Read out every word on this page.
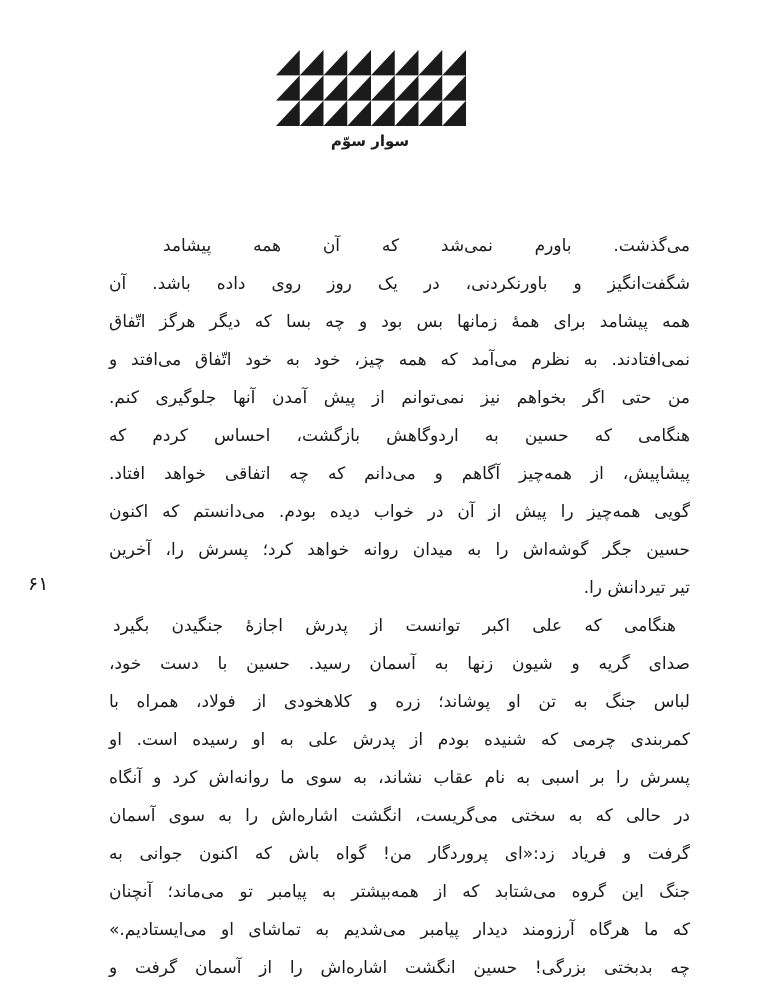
سوار سوّم
۶۱
می‌گذشت. باورم نمی‌شد که آن همه پیشامد
شگفت‌انگیز و باورنکردنی، در یک روز روی داده باشد. آن
همه پیشامد برای همهٔ زمانها بس بود و چه بسا که دیگر هرگز اتّفاق
نمی‌افتادند. به نظرم می‌آمد که همه چیز، خود به خود اتّفاق می‌افتد و
من حتی اگر بخواهم نیز نمی‌توانم از پیش آمدن آنها جلوگیری کنم.
هنگامی که حسین به اردوگاهش بازگشت، احساس کردم که
پیشاپیش، از همه‌چیز آگاهم و می‌دانم که چه اتفاقی خواهد افتاد.
گویی همه‌چیز را پیش از آن در خواب دیده بودم. می‌دانستم که اکنون
حسین جگر گوشه‌اش را به میدان روانه خواهد کرد؛ پسرش را، آخرین
تیر تیردانش را.
هنگامی که علی اکبر توانست از پدرش اجازهٔ جنگیدن بگیرد
صدای گریه و شیون زنها به آسمان رسید. حسین با دست خود،
لباس جنگ به تن او پوشاند؛ زره و کلاهخودی از فولاد، همراه با
کمربندی چرمی که شنیده بودم از پدرش علی به او رسیده است. او
پسرش را بر اسبی به نام عقاب نشاند، به سوی ما روانه‌اش کرد و آنگاه
در حالی که به سختی می‌گریست، انگشت اشاره‌اش را به سوی آسمان
گرفت و فریاد زد:«ای پروردگار من! گواه باش که اکنون جوانی به
جنگ این گروه می‌شتابد که از همه‌بیشتر به پیامبر تو می‌ماند؛ آنچنان
که ما هرگاه آرزومند دیدار پیامبر می‌شدیم به تماشای او می‌ایستادیم.»
چه بدبختی بزرگی! حسین انگشت اشاره‌اش را از آسمان گرفت و
